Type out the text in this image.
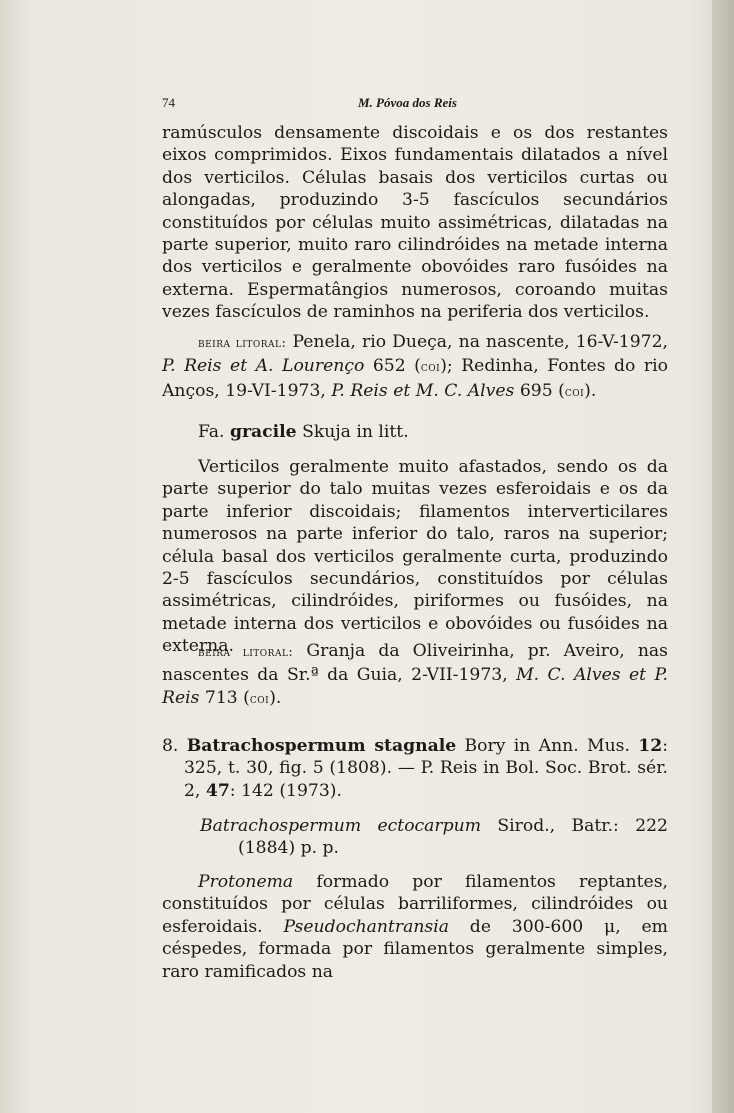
74	M. Póvoa dos Reis

ramúsculos densamente discoidais e os dos restantes eixos comprimidos. Eixos fundamentais dilatados a nível dos verticilos. Células basais dos verticilos curtas ou alongadas, produzindo 3-5 fascículos secundários constituídos por células muito assimétricas, dilatadas na parte superior, muito raro cilindróides na metade interna dos verticilos e geralmente obovóides raro fusóides na externa. Espermatângios numerosos, coroando muitas vezes fascículos de raminhos na periferia dos verticilos.

beira litoral: Penela, rio Dueça, na nascente, 16-V-1972, P. Reis et A. Lourenço 652 (coi); Redinha, Fontes do rio Anços, 19-VI-1973, P. Reis et M. C. Alves 695 (coi).

Fa. gracile Skuja in litt.

Verticilos geralmente muito afastados, sendo os da parte superior do talo muitas vezes esferoidais e os da parte inferior discoidais; filamentos interverticilares numerosos na parte inferior do talo, raros na superior; célula basal dos verticilos geralmente curta, produzindo 2-5 fascículos secundários, constituídos por células assimétricas, cilindróides, piriformes ou fusóides, na metade interna dos verticilos e obovóides ou fusóides na externa.

beira litoral: Granja da Oliveirinha, pr. Aveiro, nas nascentes da Sr.ª da Guia, 2-VII-1973, M. C. Alves et P. Reis 713 (coi).

8. Batrachospermum stagnale Bory in Ann. Mus. 12: 325, t. 30, fig. 5 (1808). — P. Reis in Bol. Soc. Brot. sér. 2, 47: 142 (1973).

Batrachospermum ectocarpum Sirod., Batr.: 222 (1884) p. p.

Protonema formado por filamentos reptantes, constituídos por células barriliformes, cilindróides ou esferoidais. Pseudochantransia de 300-600 μ, em céspedes, formada por filamentos geralmente simples, raro ramificados na
